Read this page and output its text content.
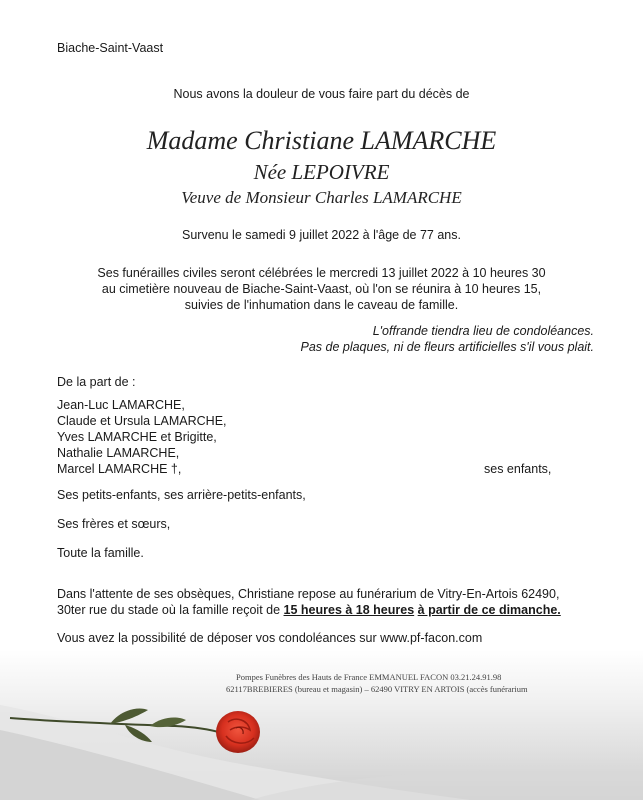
Biache-Saint-Vaast
Nous avons la douleur de vous faire part du décès de
Madame Christiane LAMARCHE
Née LEPOIVRE
Veuve de Monsieur Charles LAMARCHE
Survenu le samedi 9 juillet 2022 à l'âge de 77 ans.
Ses funérailles civiles seront célébrées le mercredi 13 juillet 2022 à 10 heures 30
au cimetière nouveau de Biache-Saint-Vaast, où l'on se réunira à 10 heures 15,
suivies de l'inhumation dans le caveau de famille.
L'offrande tiendra lieu de condoléances.
Pas de plaques, ni de fleurs artificielles s'il vous plait.
De la part de :
Jean-Luc LAMARCHE,
Claude et Ursula LAMARCHE,
Yves LAMARCHE et Brigitte,
Nathalie LAMARCHE,
Marcel LAMARCHE †,	ses enfants,
Ses petits-enfants, ses arrière-petits-enfants,
Ses frères et sœurs,
Toute la famille.
Dans l'attente de ses obsèques, Christiane repose au funérarium de Vitry-En-Artois 62490,
30ter rue du stade où la famille reçoit de 15 heures à 18 heures à partir de ce dimanche.
Vous avez la possibilité de déposer vos condoléances sur www.pf-facon.com
Pompes Funèbres des Hauts de France EMMANUEL FACON 03.21.24.91.98
62117BREBIERES (bureau et magasin) – 62490 VITRY EN ARTOIS (accès funérarium
